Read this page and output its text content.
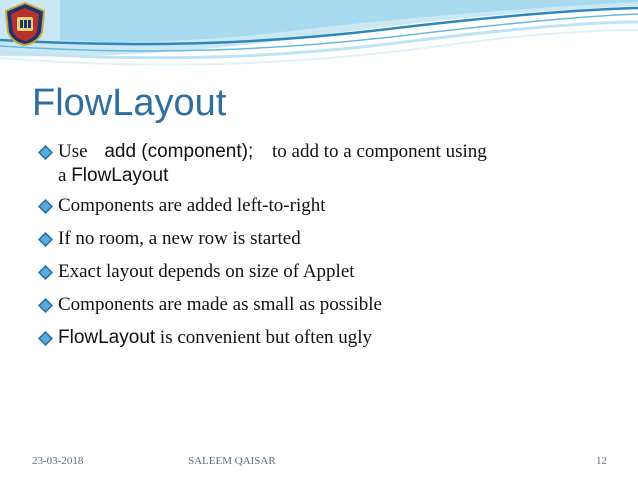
FlowLayout
Use add (component); to add to a component using
a FlowLayout
Components are added left-to-right
If no room, a new row is started
Exact layout depends on size of Applet
Components are made as small as possible
FlowLayout is convenient but often ugly
23-03-2018	SALEEM QAISAR	12
